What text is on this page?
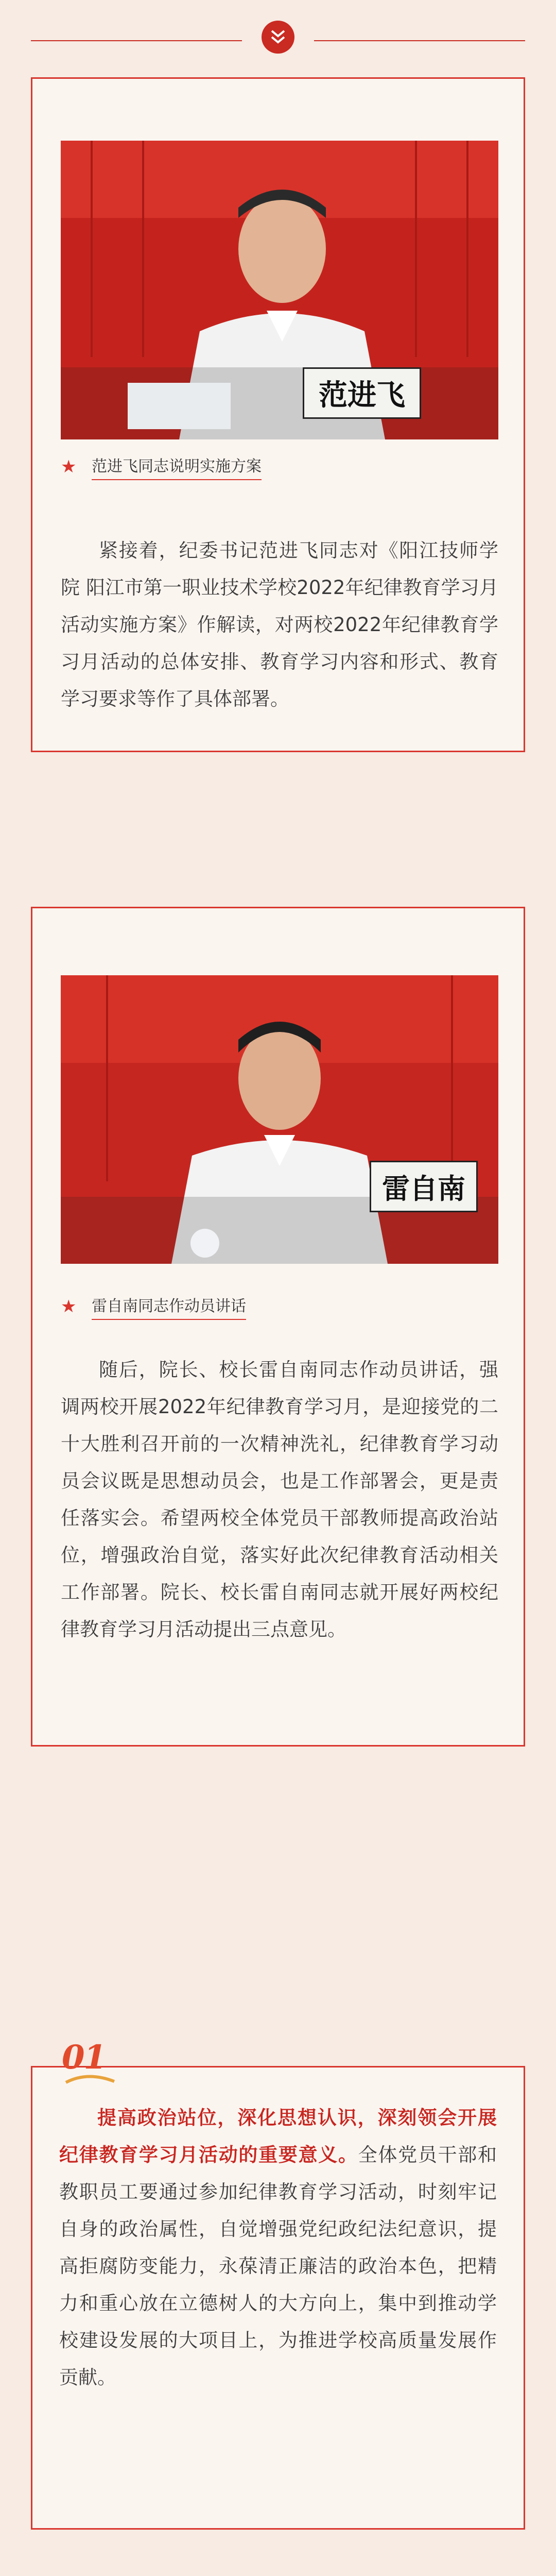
范进飞
★ 范进飞同志说明实施方案

紧接着，纪委书记范进飞同志对《阳江技师学院 阳江市第一职业技术学校2022年纪律教育学习月活动实施方案》作解读，对两校2022年纪律教育学习月活动的总体安排、教育学习内容和形式、教育学习要求等作了具体部署。

雷自南
★ 雷自南同志作动员讲话

随后，院长、校长雷自南同志作动员讲话，强调两校开展2022年纪律教育学习月，是迎接党的二十大胜利召开前的一次精神洗礼，纪律教育学习动员会议既是思想动员会，也是工作部署会，更是责任落实会。希望两校全体党员干部教师提高政治站位，增强政治自觉，落实好此次纪律教育活动相关工作部署。院长、校长雷自南同志就开展好两校纪律教育学习月活动提出三点意见。

01

提高政治站位，深化思想认识，深刻领会开展纪律教育学习月活动的重要意义。全体党员干部和教职员工要通过参加纪律教育学习活动，时刻牢记自身的政治属性，自觉增强党纪政纪法纪意识，提高拒腐防变能力，永葆清正廉洁的政治本色，把精力和重心放在立德树人的大方向上，集中到推动学校建设发展的大项目上，为推进学校高质量发展作贡献。
